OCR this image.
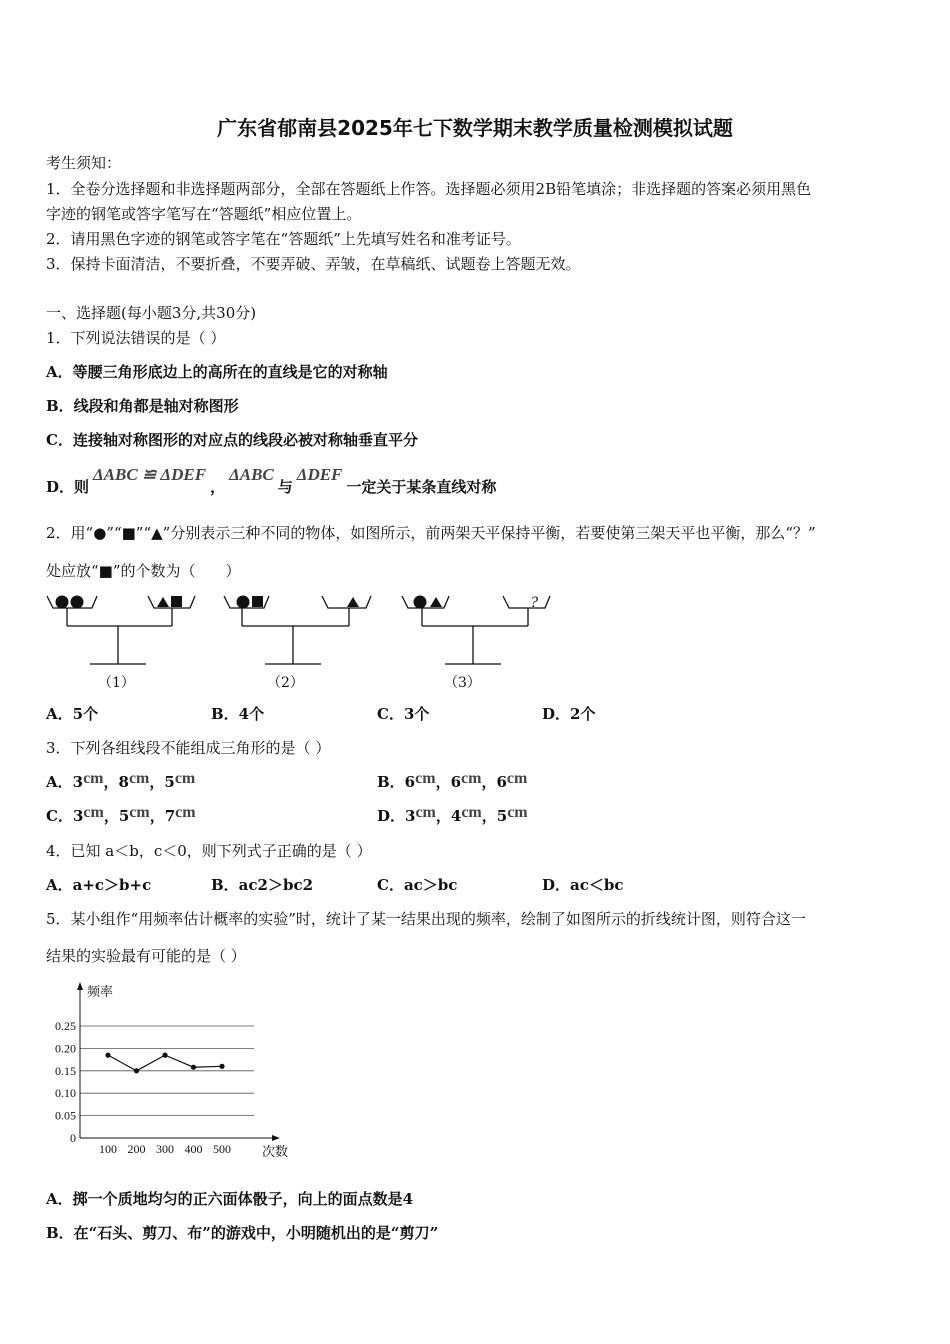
广东省郁南县2025年七下数学期末教学质量检测模拟试题
考生须知：
1．全卷分选择题和非选择题两部分，全部在答题纸上作答。选择题必须用2B铅笔填涂；非选择题的答案必须用黑色
字迹的钢笔或答字笔写在“答题纸”相应位置上。
2．请用黑色字迹的钢笔或答字笔在“答题纸”上先填写姓名和准考证号。
3．保持卡面清洁，不要折叠，不要弄破、弄皱，在草稿纸、试题卷上答题无效。
一、选择题(每小题3分,共30分)
1．下列说法错误的是（ ）
A．等腰三角形底边上的高所在的直线是它的对称轴
B．线段和角都是轴对称图形
C．连接轴对称图形的对应点的线段必被对称轴垂直平分
D．则ΔABC ≌ ΔDEF，ΔABC与ΔDEF一定关于某条直线对称
2．用“●”“■”“▲”分别表示三种不同的物体，如图所示，前两架天平保持平衡，若要使第三架天平也平衡，那么“？”
处应放“■”的个数为（　　）
?
（1）	（2）	（3）
A．5个	B．4个	C．3个	D．2个
3．下列各组线段不能组成三角形的是（ ）
A．3cm，8cm，5cm	B．6cm，6cm，6cm
C．3cm，5cm，7cm	D．3cm，4cm，5cm
4．已知 a＜b，c＜0，则下列式子正确的是（ ）
A．a+c＞b+c	B．ac2＞bc2	C．ac＞bc	D．ac＜bc
5．某小组作“用频率估计概率的实验”时，统计了某一结果出现的频率，绘制了如图所示的折线统计图，则符合这一
结果的实验最有可能的是（ ）
0
0.05
0.10
0.15
0.20
0.25
频率
次数
100 200 300 400 500
A．掷一个质地均匀的正六面体骰子，向上的面点数是4
B．在“石头、剪刀、布”的游戏中，小明随机出的是“剪刀”
